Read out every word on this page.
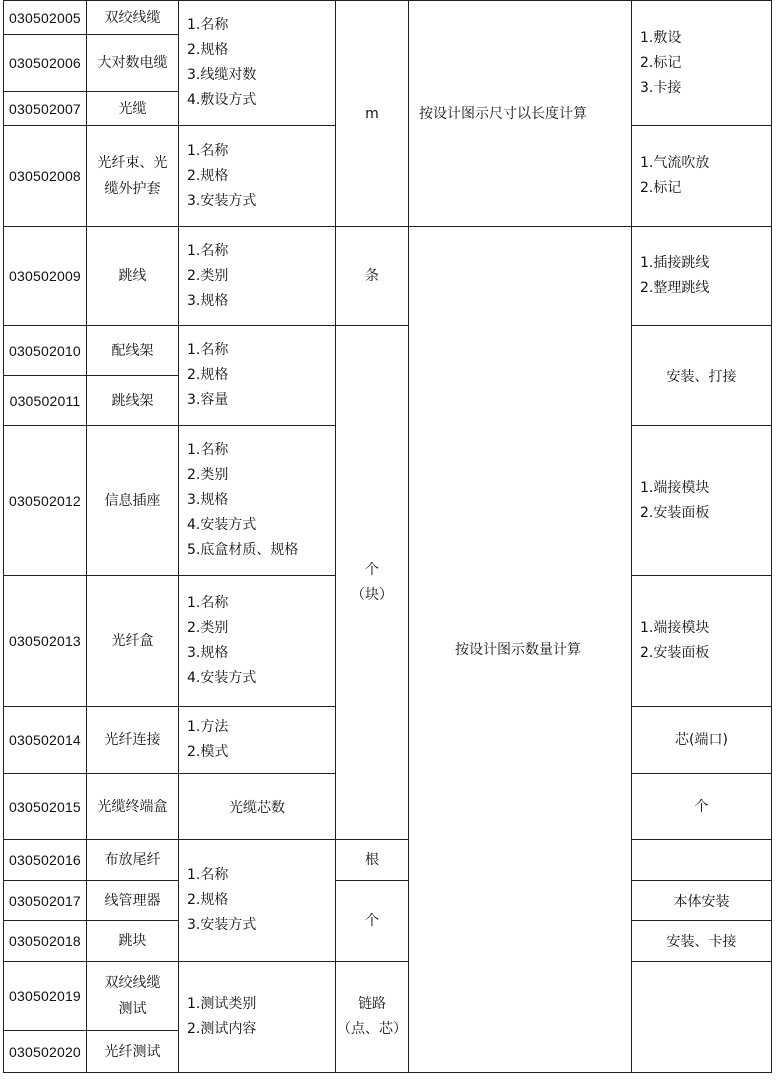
030502005	双绞线缆	1.名称
2.规格
3.线缆对数
4.敷设方式	m	按设计图示尺寸以长度计算	1.敷设
2.标记
3.卡接	

030502006	大对数电缆					
030502007	光缆					
030502008	光纤束、光缆外护套	1.名称
2.规格
3.安装方式			1.气流吹放
2.标记	

030502009	跳线	1.名称
2.类别
3.规格	条	按设计图示数量计算	1.插接跳线
2.整理跳线	

030502010	配线架	1.名称
2.规格
3.容量	个
（块）		安装、打接	
030502011	跳线架					
030502012	信息插座	1.名称
2.类别
3.规格
4.安装方式
5.底盒材质、规格			1.端接模块
2.安装面板	

030502013	光纤盒	1.名称
2.类别
3.规格
4.安装方式			1.端接模块
2.安装面板	

030502014	光纤连接	1.方法
2.模式			芯(端口)	

030502015	光缆终端盒	光缆芯数			个	
030502016	布放尾纤	1.名称
2.规格
3.安装方式	根			
030502017	线管理器		个		本体安装	
030502018	跳块				安装、卡接	
030502019	双绞线缆测试	1.测试类别
2.测试内容	链路
（点、芯）

030502020	光纤测试					
